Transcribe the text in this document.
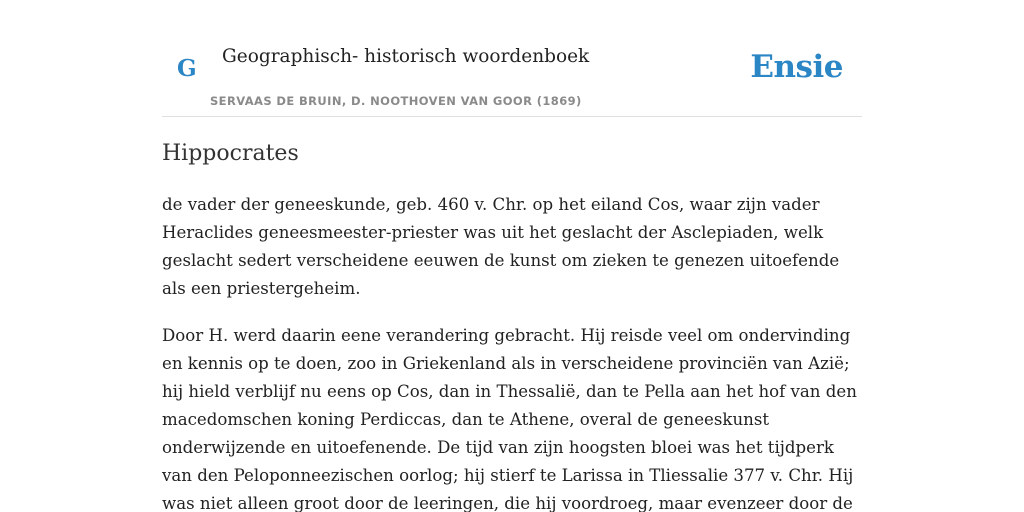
G Geographisch- historisch woordenboek
SERVAAS DE BRUIN, D. NOOTHOVEN VAN GOOR (1869)
Ensie
Hippocrates

de vader der geneeskunde, geb. 460 v. Chr. op het eiland Cos, waar zijn vader Heraclides geneesmeester-priester was uit het geslacht der Asclepiaden, welk geslacht sedert verscheidene eeuwen de kunst om zieken te genezen uitoefende als een priestergeheim.

Door H. werd daarin eene verandering gebracht. Hij reisde veel om ondervinding en kennis op te doen, zoo in Griekenland als in verscheidene provinciën van Azië; hij hield verblijf nu eens op Cos, dan in Thessalië, dan te Pella aan het hof van den macedomschen koning Perdiccas, dan te Athene, overal de geneeskunst onderwijzende en uitoefenende. De tijd van zijn hoogsten bloei was het tijdperk van den Peloponneezischen oorlog; hij stierf te Larissa in Tliessalie 377 v. Chr. Hij was niet alleen groot door de leeringen, die hij voordroeg, maar evenzeer door de
